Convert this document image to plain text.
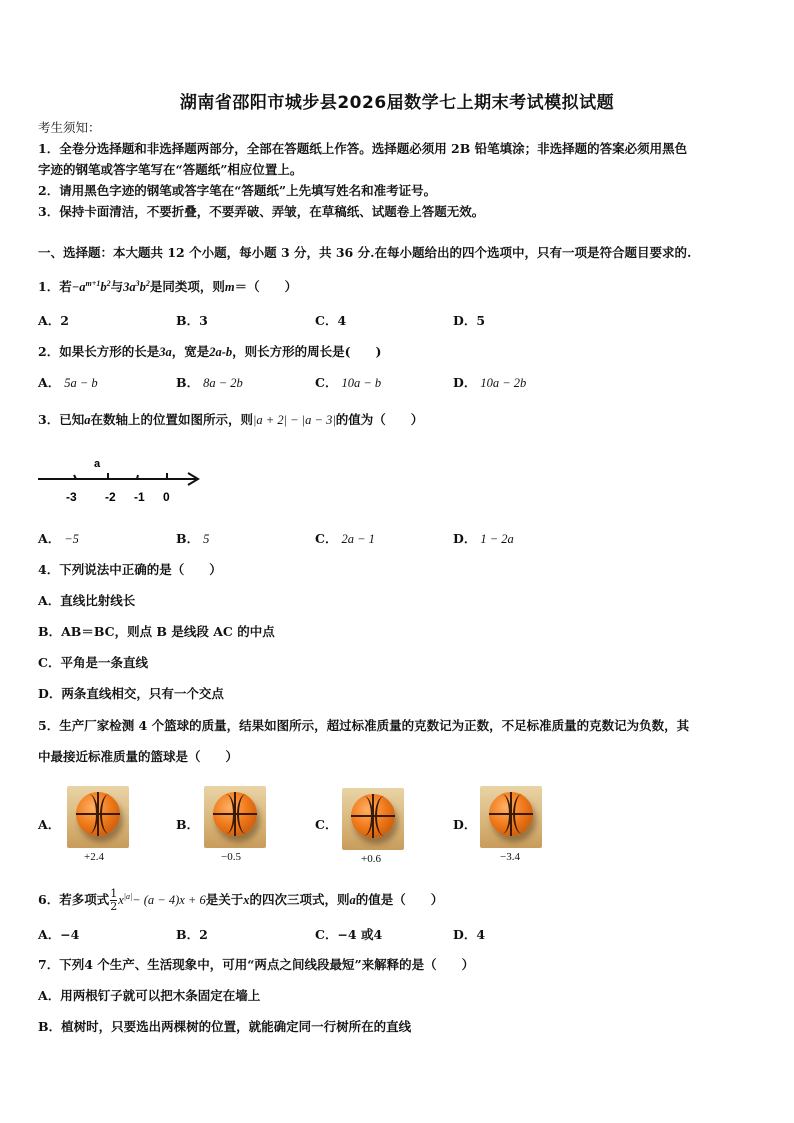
湖南省邵阳市城步县2026届数学七上期末考试模拟试题
考生须知：
1．全卷分选择题和非选择题两部分，全部在答题纸上作答。选择题必须用 2B 铅笔填涂；非选择题的答案必须用黑色
字迹的钢笔或答字笔写在“答题纸”相应位置上。
2．请用黑色字迹的钢笔或答字笔在“答题纸”上先填写姓名和准考证号。
3．保持卡面清洁，不要折叠，不要弄破、弄皱，在草稿纸、试题卷上答题无效。
一、选择题：本大题共 12 个小题，每小题 3 分，共 36 分.在每小题给出的四个选项中，只有一项是符合题目要求的.
1．若$-a^{m+1}b^2$与$3a^3b^2$是同类项，则m＝（　　）
A．2	B．3	C．4	D．5
2．如果长方形的长是3a，宽是2a-b，则长方形的周长是(　　)
A． 5a − b	B． 8a − 2b	C． 10a − b	D． 10a − 2b
3．已知a在数轴上的位置如图所示，则|a + 2| − |a − 3|的值为（　　）
a
-3 -2 -1 0
A． −5	B． 5	C． 2a − 1	D． 1 − 2a
4．下列说法中正确的是（　　）
A．直线比射线长
B．AB＝BC，则点 B 是线段 AC 的中点
C．平角是一条直线
D．两条直线相交，只有一个交点
5．生产厂家检测 4 个篮球的质量，结果如图所示，超过标准质量的克数记为正数，不足标准质量的克数记为负数，其
中最接近标准质量的篮球是（　　）
A．
+2.4
B．
−0.5
C．
+0.6
D．
−3.4
6．若多项式 $\frac{1}{2} x^{|a|}- (a - 4)x + 6$是关于x的四次三项式，则a的值是（　　）
A．−4	B．2	C．−4 或4	D．4
7．下列4 个生产、生活现象中，可用“两点之间线段最短”来解释的是（　　）
A．用两根钉子就可以把木条固定在墙上
B．植树时，只要选出两棵树的位置，就能确定同一行树所在的直线
